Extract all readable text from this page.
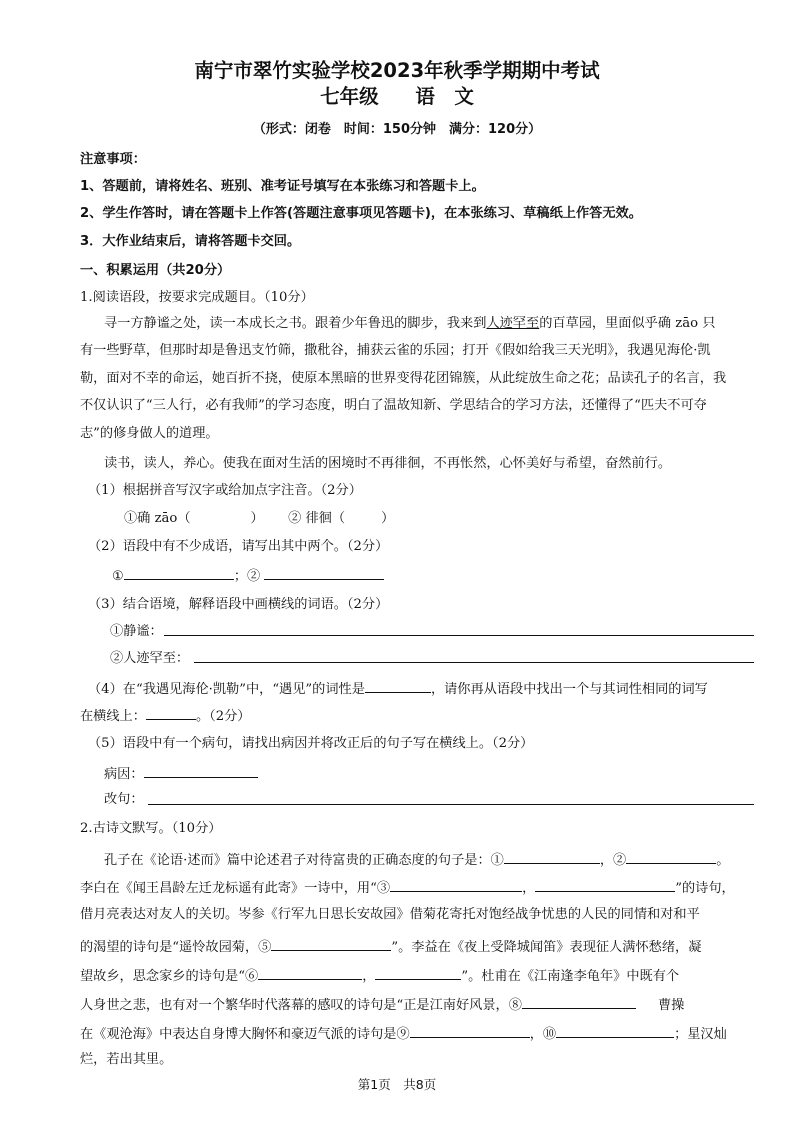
南宁市翠竹实验学校2023年秋季学期期中考试
七年级 语　文
（形式：闭卷　时间：150分钟　满分：120分）
注意事项：
1、答题前，请将姓名、班别、准考证号填写在本张练习和答题卡上。
2、学生作答时，请在答题卡上作答(答题注意事项见答题卡)，在本张练习、草稿纸上作答无效。
3．大作业结束后，请将答题卡交回。
一、积累运用（共20分）
1.阅读语段，按要求完成题目。（10分）
寻一方静谧之处，读一本成长之书。跟着少年鲁迅的脚步，我来到人迹罕至的百草园，里面似乎确 zāo 只
有一些野草，但那时却是鲁迅支竹筛，撒秕谷，捕获云雀的乐园；打开《假如给我三天光明》，我遇见海伦·凯
勒，面对不幸的命运，她百折不挠，使原本黑暗的世界变得花团锦簇，从此绽放生命之花；品读孔子的名言，我
不仅认识了“三人行，必有我师”的学习态度，明白了温故知新、学思结合的学习方法，还懂得了“匹夫不可夺
志”的修身做人的道理。
读书，读人，养心。使我在面对生活的困境时不再徘徊，不再怅然，心怀美好与希望，奋然前行。
（1）根据拼音写汉字或给加点字注音。（2分）
①确 zāo（	） ② 徘徊（	）
（2）语段中有不少成语，请写出其中两个。（2分）
①	；②
（3）结合语境，解释语段中画横线的词语。（2分）
①静谧：
②人迹罕至：
（4）在“我遇见海伦·凯勒”中，“遇见”的词性是	，请你再从语段中找出一个与其词性相同的词写
在横线上：	。（2分）
（5）语段中有一个病句，请找出病因并将改正后的句子写在横线上。（2分）
病因：
改句：
2.古诗文默写。（10分）
孔子在《论语·述而》篇中论述君子对待富贵的正确态度的句子是：①	，②	。
李白在《闻王昌龄左迁龙标遥有此寄》一诗中，用“③	，	”的诗句，
借月亮表达对友人的关切。岑参《行军九日思长安故园》借菊花寄托对饱经战争忧患的人民的同情和对和平
的渴望的诗句是“遥怜故园菊，⑤	”。李益在《夜上受降城闻笛》表现征人满怀愁绪，凝
望故乡，思念家乡的诗句是“⑥	，	”。杜甫在《江南逢李龟年》中既有个
人身世之悲，也有对一个繁华时代落幕的感叹的诗句是“正是江南好风景，⑧	曹操
在《观沧海》中表达自身博大胸怀和豪迈气派的诗句是⑨	，⑩	；星汉灿
烂，若出其里。
第1页　共8页
